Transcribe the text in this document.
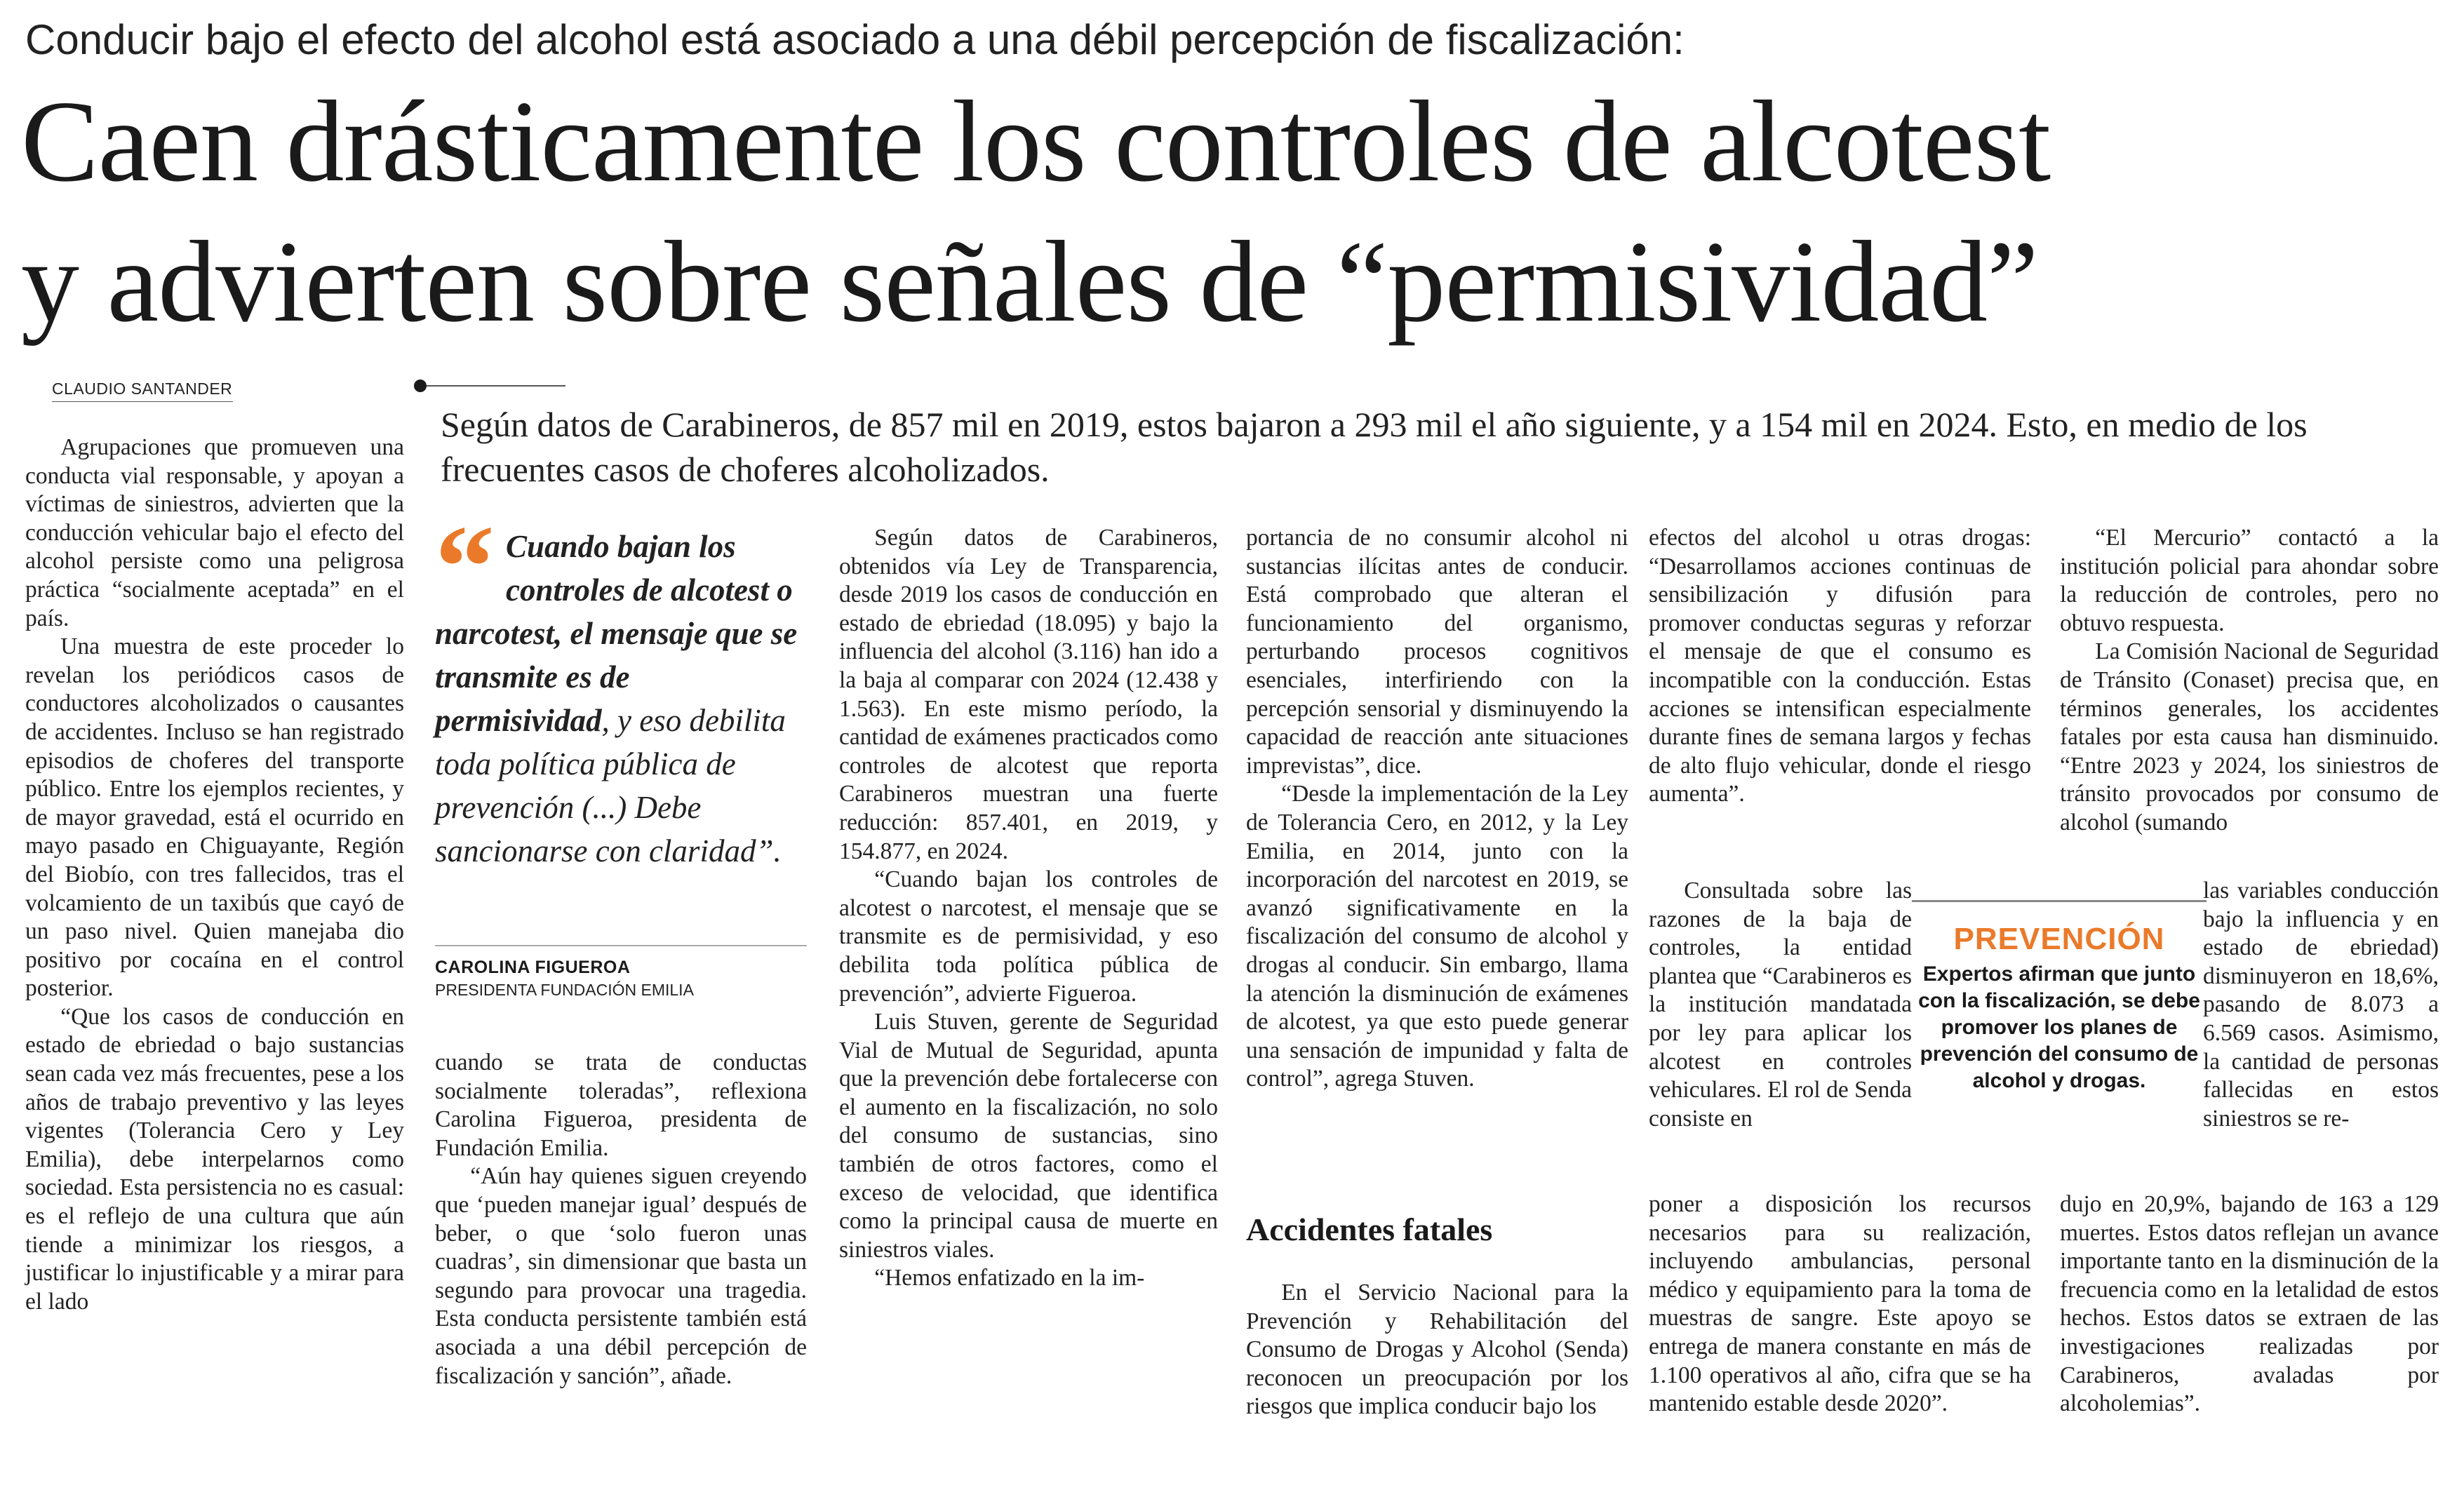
Conducir bajo el efecto del alcohol está asociado a una débil percepción de fiscalización:
Caen drásticamente los controles de alcotest
y advierten sobre señales de “permisividad”
CLAUDIO SANTANDER
Según datos de Carabineros, de 857 mil en 2019, estos bajaron a 293 mil el año siguiente, y a 154 mil en 2024. Esto, en medio de los frecuentes casos de choferes alcoholizados.

Agrupaciones que promueven una conducta vial responsable, y apoyan a víctimas de siniestros, advierten que la conducción vehicular bajo el efecto del alcohol persiste como una peligrosa práctica “socialmente aceptada” en el país.

Una muestra de este proceder lo revelan los periódicos casos de conductores alcoholizados o causantes de accidentes. Incluso se han registrado episodios de choferes del transporte público. Entre los ejemplos recientes, y de mayor gravedad, está el ocurrido en mayo pasado en Chiguayante, Región del Biobío, con tres fallecidos, tras el volcamiento de un taxibús que cayó de un paso nivel. Quien manejaba dio positivo por cocaína en el control posterior.

“Que los casos de conducción en estado de ebriedad o bajo sustancias sean cada vez más frecuentes, pese a los años de trabajo preventivo y las leyes vigentes (Tolerancia Cero y Ley Emilia), debe interpelarnos como sociedad. Esta persistencia no es casual: es el reflejo de una cultura que aún tiende a minimizar los riesgos, a justificar lo injustificable y a mirar para el lado

“ Cuando bajan los controles de alcotest o narcotest, el mensaje que se transmite es de permisividad, y eso debilita toda política pública de prevención (...) Debe sancionarse con claridad”.
CAROLINA FIGUEROA
PRESIDENTA FUNDACIÓN EMILIA

cuando se trata de conductas socialmente toleradas”, reflexiona Carolina Figueroa, presidenta de Fundación Emilia.

“Aún hay quienes siguen creyendo que ‘pueden manejar igual’ después de beber, o que ‘solo fueron unas cuadras’, sin dimensionar que basta un segundo para provocar una tragedia. Esta conducta persistente también está asociada a una débil percepción de fiscalización y sanción”, añade.

Según datos de Carabineros, obtenidos vía Ley de Transparencia, desde 2019 los casos de conducción en estado de ebriedad (18.095) y bajo la influencia del alcohol (3.116) han ido a la baja al comparar con 2024 (12.438 y 1.563). En este mismo período, la cantidad de exámenes practicados como controles de alcotest que reporta Carabineros muestran una fuerte reducción: 857.401, en 2019, y 154.877, en 2024.

“Cuando bajan los controles de alcotest o narcotest, el mensaje que se transmite es de permisividad, y eso debilita toda política pública de prevención”, advierte Figueroa.

Luis Stuven, gerente de Seguridad Vial de Mutual de Seguridad, apunta que la prevención debe fortalecerse con el aumento en la fiscalización, no solo del consumo de sustancias, sino también de otros factores, como el exceso de velocidad, que identifica como la principal causa de muerte en siniestros viales.

“Hemos enfatizado en la im-

portancia de no consumir alcohol ni sustancias ilícitas antes de conducir. Está comprobado que alteran el funcionamiento del organismo, perturbando procesos cognitivos esenciales, interfiriendo con la percepción sensorial y disminuyendo la capacidad de reacción ante situaciones imprevistas”, dice.

“Desde la implementación de la Ley de Tolerancia Cero, en 2012, y la Ley Emilia, en 2014, junto con la incorporación del narcotest en 2019, se avanzó significativamente en la fiscalización del consumo de alcohol y drogas al conducir. Sin embargo, llama la atención la disminución de exámenes de alcotest, ya que esto puede generar una sensación de impunidad y falta de control”, agrega Stuven.

Accidentes fatales

En el Servicio Nacional para la Prevención y Rehabilitación del Consumo de Drogas y Alcohol (Senda) reconocen un preocupación por los riesgos que implica conducir bajo los

efectos del alcohol u otras drogas: “Desarrollamos acciones continuas de sensibilización y difusión para promover conductas seguras y reforzar el mensaje de que el consumo es incompatible con la conducción. Estas acciones se intensifican especialmente durante fines de semana largos y fechas de alto flujo vehicular, donde el riesgo aumenta”.

Consultada sobre las razones de la baja de controles, la entidad plantea que “Carabineros es la institución mandatada por ley para aplicar los alcotest en controles vehiculares. El rol de Senda consiste en

poner a disposición los recursos necesarios para su realización, incluyendo ambulancias, personal médico y equipamiento para la toma de muestras de sangre. Este apoyo se entrega de manera constante en más de 1.100 operativos al año, cifra que se ha mantenido estable desde 2020”.

PREVENCIÓN
Expertos afirman que junto con la fiscalización, se debe promover los planes de prevención del consumo de alcohol y drogas.

“El Mercurio” contactó a la institución policial para ahondar sobre la reducción de controles, pero no obtuvo respuesta.

La Comisión Nacional de Seguridad de Tránsito (Conaset) precisa que, en términos generales, los accidentes fatales por esta causa han disminuido. “Entre 2023 y 2024, los siniestros de tránsito provocados por consumo de alcohol (sumando

las variables conducción bajo la influencia y en estado de ebriedad) disminuyeron en 18,6%, pasando de 8.073 a 6.569 casos. Asimismo, la cantidad de personas fallecidas en estos siniestros se re-

dujo en 20,9%, bajando de 163 a 129 muertes. Estos datos reflejan un avance importante tanto en la disminución de la frecuencia como en la letalidad de estos hechos. Estos datos se extraen de las investigaciones realizadas por Carabineros, avaladas por alcoholemias”.
